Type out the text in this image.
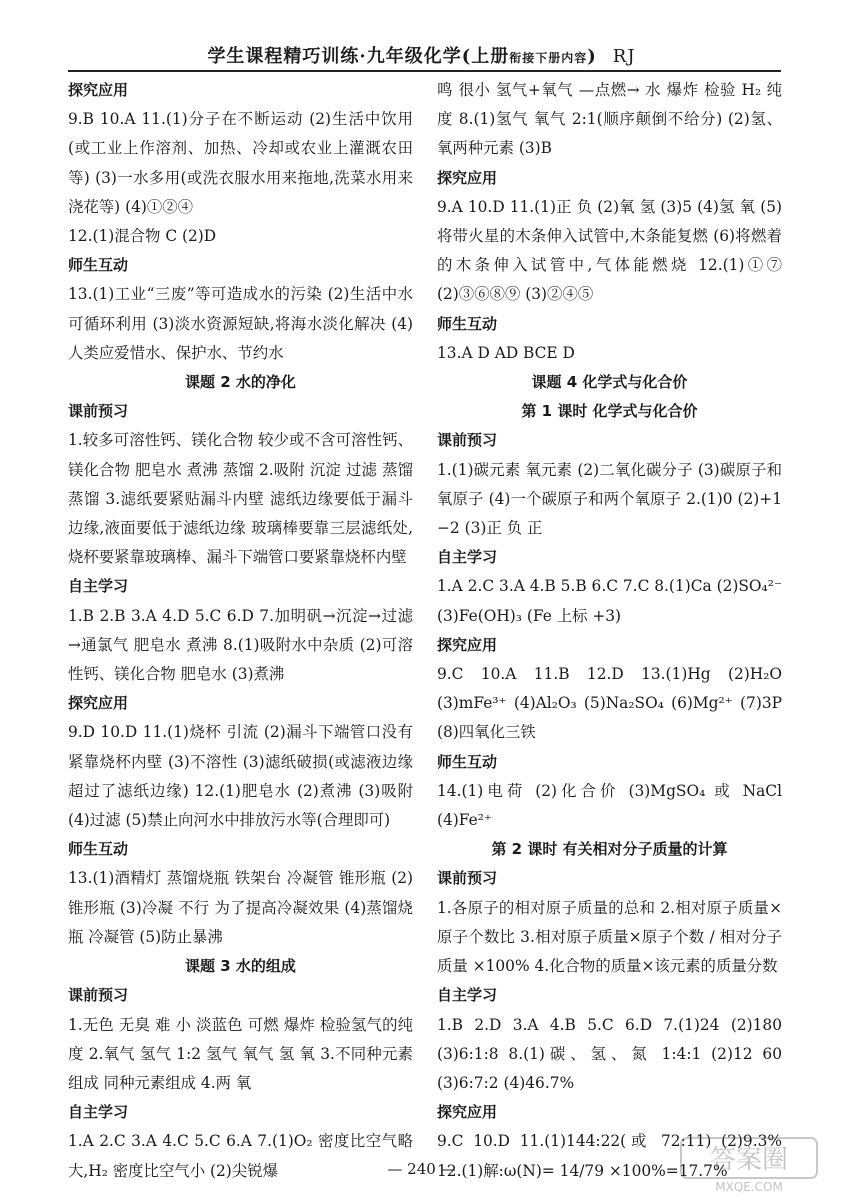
学生课程精巧训练·九年级化学(上册衔接下册内容) RJ
探究应用

9.B 10.A 11.(1)分子在不断运动 (2)生活中饮用(或工业上作溶剂、加热、冷却或农业上灌溉农田等) (3)一水多用(或洗衣服水用来拖地,洗菜水用来浇花等) (4)①②④

12.(1)混合物 C (2)D

师生互动

13.(1)工业“三废”等可造成水的污染 (2)生活中水可循环利用 (3)淡水资源短缺,将海水淡化解决 (4)人类应爱惜水、保护水、节约水

课题 2 水的净化
课前预习

1.较多可溶性钙、镁化合物 较少或不含可溶性钙、镁化合物 肥皂水 煮沸 蒸馏 2.吸附 沉淀 过滤 蒸馏 蒸馏 3.滤纸要紧贴漏斗内壁 滤纸边缘要低于漏斗边缘,液面要低于滤纸边缘 玻璃棒要靠三层滤纸处,烧杯要紧靠玻璃棒、漏斗下端管口要紧靠烧杯内壁

自主学习

1.B 2.B 3.A 4.D 5.C 6.D 7.加明矾→沉淀→过滤→通氯气 肥皂水 煮沸 8.(1)吸附水中杂质 (2)可溶性钙、镁化合物 肥皂水 (3)煮沸

探究应用

9.D 10.D 11.(1)烧杯 引流 (2)漏斗下端管口没有紧靠烧杯内壁 (3)不溶性 (3)滤纸破损(或滤液边缘超过了滤纸边缘) 12.(1)肥皂水 (2)煮沸 (3)吸附 (4)过滤 (5)禁止向河水中排放污水等(合理即可)

师生互动

13.(1)酒精灯 蒸馏烧瓶 铁架台 冷凝管 锥形瓶 (2)锥形瓶 (3)冷凝 不行 为了提高冷凝效果 (4)蒸馏烧瓶 冷凝管 (5)防止暴沸

课题 3 水的组成
课前预习

1.无色 无臭 难 小 淡蓝色 可燃 爆炸 检验氢气的纯度 2.氧气 氢气 1:2 氢气 氧气 氢 氧 3.不同种元素组成 同种元素组成 4.两 氧

自主学习

1.A 2.C 3.A 4.C 5.C 6.A 7.(1)O₂ 密度比空气略大,H₂ 密度比空气小 (2)尖锐爆

鸣 很小 氢气+氧气 —点燃→ 水 爆炸 检验 H₂ 纯度 8.(1)氢气 氧气 2:1(顺序颠倒不给分) (2)氢、氧两种元素 (3)B

探究应用

9.A 10.D 11.(1)正 负 (2)氧 氢 (3)5 (4)氢 氧 (5)将带火星的木条伸入试管中,木条能复燃 (6)将燃着的木条伸入试管中,气体能燃烧 12.(1)①⑦ (2)③⑥⑧⑨ (3)②④⑤

师生互动

13.A D AD BCE D

课题 4 化学式与化合价
第 1 课时 化学式与化合价
课前预习

1.(1)碳元素 氧元素 (2)二氧化碳分子 (3)碳原子和氧原子 (4)一个碳原子和两个氧原子 2.(1)0 (2)+1 −2 (3)正 负 正

自主学习

1.A 2.C 3.A 4.B 5.B 6.C 7.C 8.(1)Ca (2)SO₄²⁻ (3)Fe(OH)₃ (Fe 上标 +3)

探究应用

9.C 10.A 11.B 12.D 13.(1)Hg (2)H₂O (3)mFe³⁺ (4)Al₂O₃ (5)Na₂SO₄ (6)Mg²⁺ (7)3P (8)四氧化三铁

师生互动

14.(1)电荷 (2)化合价 (3)MgSO₄ 或 NaCl (4)Fe²⁺

第 2 课时 有关相对分子质量的计算
课前预习

1.各原子的相对原子质量的总和 2.相对原子质量×原子个数比 3.相对原子质量×原子个数 / 相对分子质量 ×100% 4.化合物的质量×该元素的质量分数

自主学习

1.B 2.D 3.A 4.B 5.C 6.D 7.(1)24 (2)180 (3)6:1:8 8.(1)碳、氢、氮 1:4:1 (2)12 60 (3)6:7:2 (4)46.7%

探究应用

9.C 10.D 11.(1)144:22(或 72:11) (2)9.3% 12.(1)解:ω(N)= 14/79 ×100%=17.7%

— 240 —	答案圈
MXQE.COM
